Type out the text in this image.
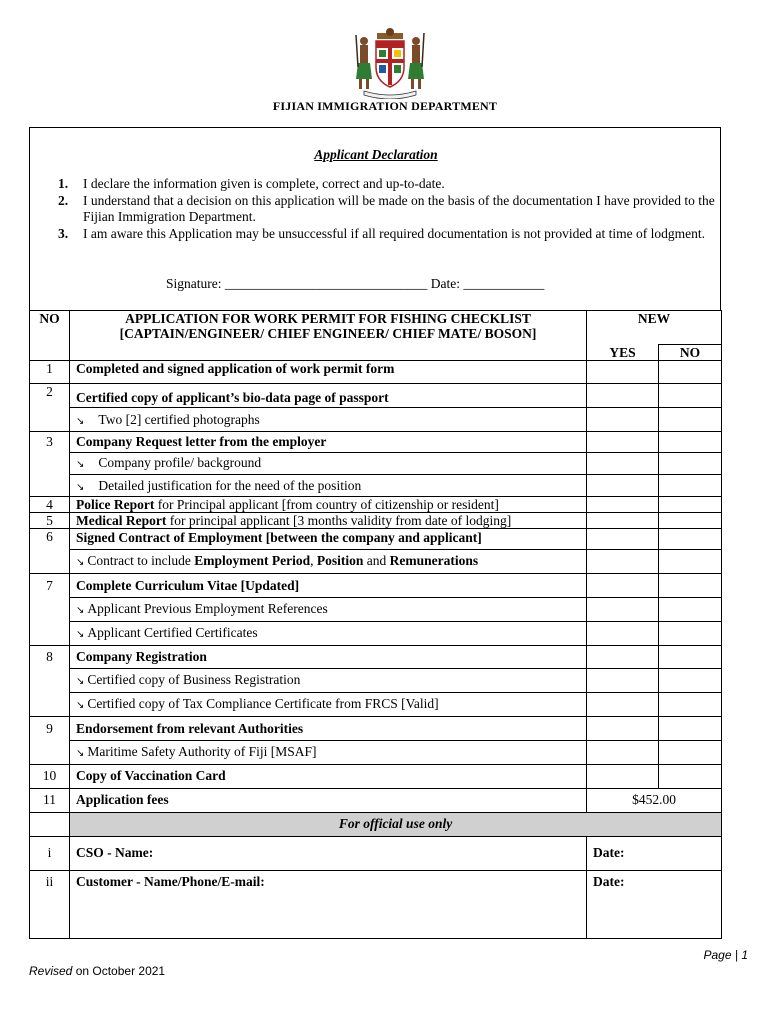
FIJIAN IMMIGRATION DEPARTMENT
Applicant Declaration
1. I declare the information given is complete, correct and up-to-date.
2. I understand that a decision on this application will be made on the basis of the documentation I have provided to the Fijian Immigration Department.
3. I am aware this Application may be unsuccessful if all required documentation is not provided at time of lodgment.
Signature: ______________________________ Date: ____________
NO	APPLICATION FOR WORK PERMIT FOR FISHING CHECKLIST
[CAPTAIN/ENGINEER/ CHIEF ENGINEER/ CHIEF MATE/ BOSON]	NEW	
		YES	NO
1	Completed and signed application of work permit form		
2	Certified copy of applicant’s bio-data page of passport		
	↘ Two [2] certified photographs		
3	Company Request letter from the employer		
	↘ Company profile/ background		
	↘ Detailed justification for the need of the position		
4	Police Report for Principal applicant [from country of citizenship or resident]		
5	Medical Report for principal applicant [3 months validity from date of lodging]		
6	Signed Contract of Employment [between the company and applicant]		
	↘ Contract to include Employment Period, Position and Remunerations		
7	Complete Curriculum Vitae [Updated]		
	↘ Applicant Previous Employment References		
	↘ Applicant Certified Certificates		
8	Company Registration		
	↘ Certified copy of Business Registration		
	↘ Certified copy of Tax Compliance Certificate from FRCS [Valid]		
9	Endorsement from relevant Authorities		
	↘ Maritime Safety Authority of Fiji [MSAF]		
10	Copy of Vaccination Card		
11	Application fees	$452.00	
	For official use only		
i	CSO - Name:	Date:	
ii	Customer - Name/Phone/E-mail:	Date:	
Page | 1
Revised on October 2021
